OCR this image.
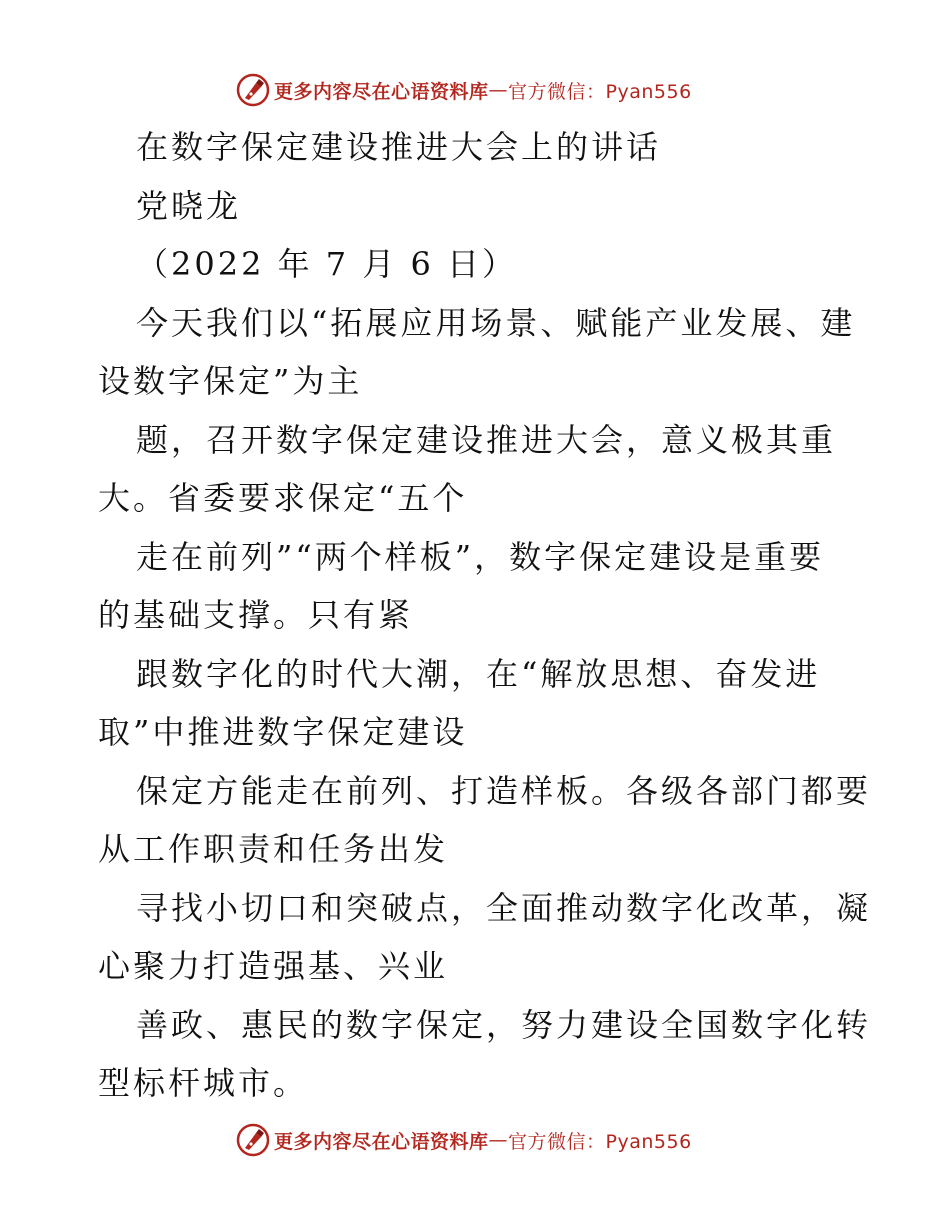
更多内容尽在心语资料库 — 官方微信：Pyan556
在数字保定建设推进大会上的讲话
党晓龙
（2022 年 7 月 6 日）
今天我们以“拓展应用场景、赋能产业发展、建
设数字保定”为主
题，召开数字保定建设推进大会，意义极其重
大。省委要求保定“五个
走在前列”“两个样板”，数字保定建设是重要
的基础支撑。只有紧
跟数字化的时代大潮，在“解放思想、奋发进
取”中推进数字保定建设
保定方能走在前列、打造样板。各级各部门都要
从工作职责和任务出发
寻找小切口和突破点，全面推动数字化改革，凝
心聚力打造强基、兴业
善政、惠民的数字保定，努力建设全国数字化转
型标杆城市。
更多内容尽在心语资料库 — 官方微信：Pyan556
